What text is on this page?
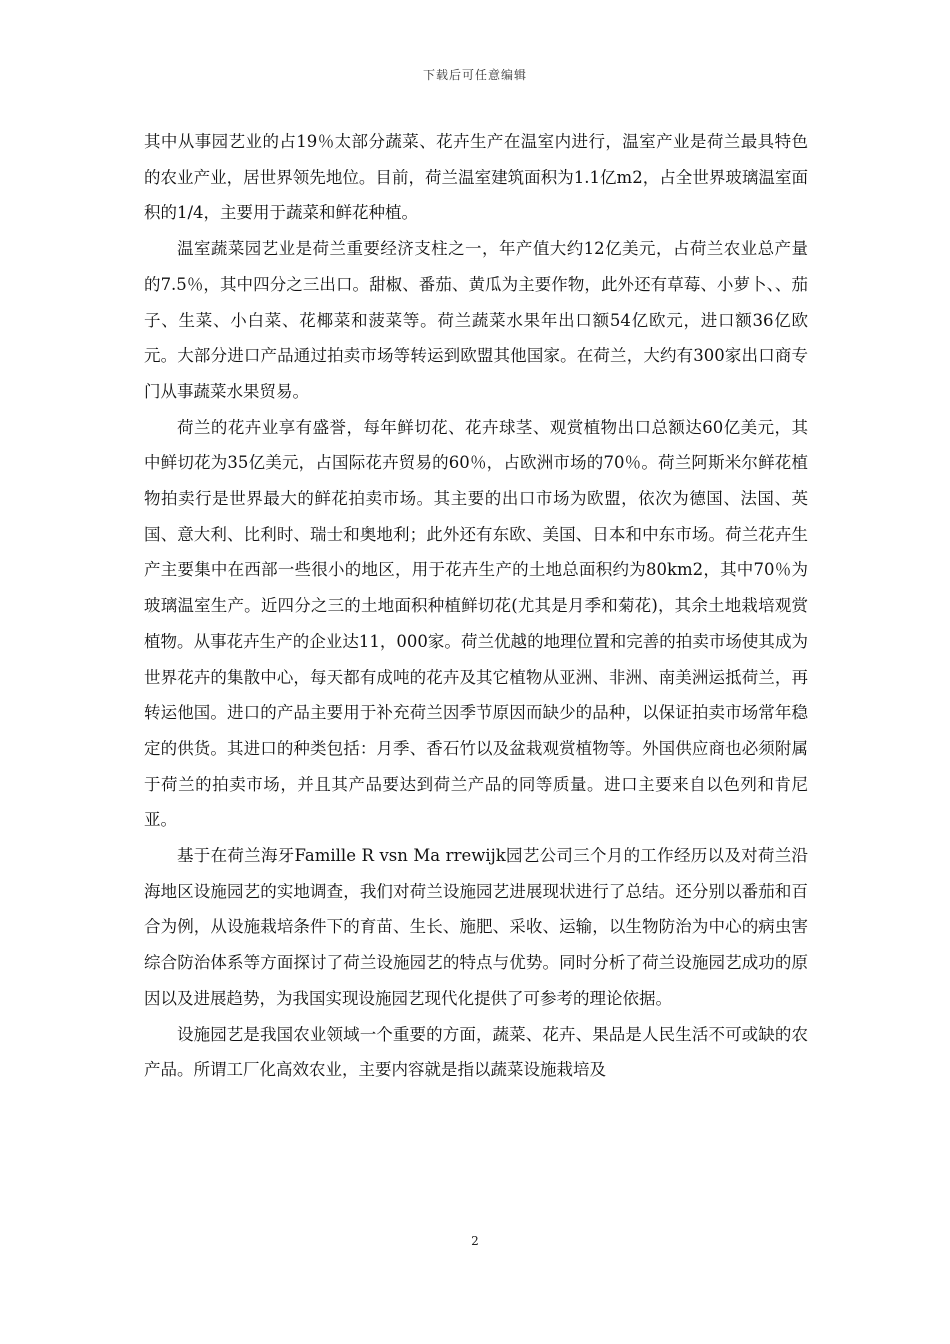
下载后可任意编辑

其中从事园艺业的占19％太部分蔬菜、花卉生产在温室内进行，温室产业是荷兰最具特色的农业产业，居世界领先地位。目前，荷兰温室建筑面积为1.1亿m2，占全世界玻璃温室面积的1/4，主要用于蔬菜和鲜花种植。

温室蔬菜园艺业是荷兰重要经济支柱之一，年产值大约12亿美元，占荷兰农业总产量的7.5％，其中四分之三出口。甜椒、番茄、黄瓜为主要作物，此外还有草莓、小萝卜、、茄子、生菜、小白菜、花椰菜和菠菜等。荷兰蔬菜水果年出口额54亿欧元，进口额36亿欧元。大部分进口产品通过拍卖市场等转运到欧盟其他国家。在荷兰，大约有300家出口商专门从事蔬菜水果贸易。

荷兰的花卉业享有盛誉，每年鲜切花、花卉球茎、观赏植物出口总额达60亿美元，其中鲜切花为35亿美元，占国际花卉贸易的60％，占欧洲市场的70％。荷兰阿斯米尔鲜花植物拍卖行是世界最大的鲜花拍卖市场。其主要的出口市场为欧盟，依次为德国、法国、英国、意大利、比利时、瑞士和奥地利；此外还有东欧、美国、日本和中东市场。荷兰花卉生产主要集中在西部一些很小的地区，用于花卉生产的土地总面积约为80km2，其中70％为玻璃温室生产。近四分之三的土地面积种植鲜切花(尤其是月季和菊花)，其余土地栽培观赏植物。从事花卉生产的企业达11，000家。荷兰优越的地理位置和完善的拍卖市场使其成为世界花卉的集散中心，每天都有成吨的花卉及其它植物从亚洲、非洲、南美洲运抵荷兰，再转运他国。进口的产品主要用于补充荷兰因季节原因而缺少的品种，以保证拍卖市场常年稳定的供货。其进口的种类包括：月季、香石竹以及盆栽观赏植物等。外国供应商也必须附属于荷兰的拍卖市场，并且其产品要达到荷兰产品的同等质量。进口主要来自以色列和肯尼亚。

基于在荷兰海牙Famille R vsn Ma rrewijk园艺公司三个月的工作经历以及对荷兰沿海地区设施园艺的实地调查，我们对荷兰设施园艺进展现状进行了总结。还分别以番茄和百合为例，从设施栽培条件下的育苗、生长、施肥、采收、运输，以生物防治为中心的病虫害综合防治体系等方面探讨了荷兰设施园艺的特点与优势。同时分析了荷兰设施园艺成功的原因以及进展趋势，为我国实现设施园艺现代化提供了可参考的理论依据。

设施园艺是我国农业领域一个重要的方面，蔬菜、花卉、果品是人民生活不可或缺的农产品。所谓工厂化高效农业，主要内容就是指以蔬菜设施栽培及

2
